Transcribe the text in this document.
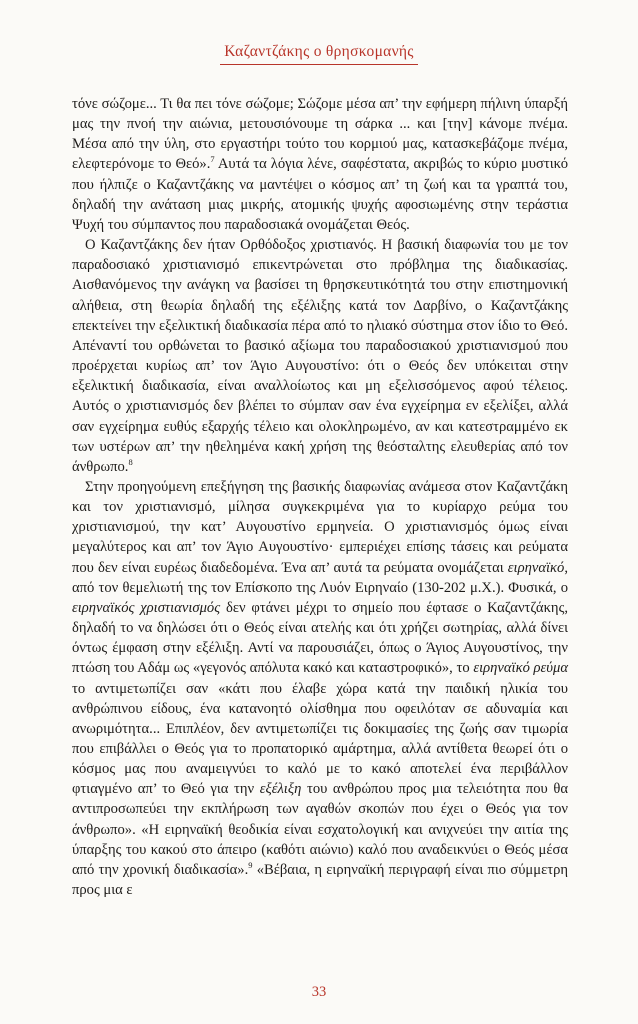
Καζαντζάκης ο θρησκομανής

τόνε σώζομε... Τι θα πει τόνε σώζομε; Σώζομε μέσα απ’ την εφήμερη πήλινη ύπαρξή μας την πνοή την αιώνια, μετουσιόνουμε τη σάρκα ... και [την] κάνομε πνέμα. Μέσα από την ύλη, στο εργαστήρι τούτο του κορμιού μας, κατασκεβάζομε πνέμα, ελεφτερόνομε το Θεό».$^7$ Αυτά τα λόγια λένε, σαφέστατα, ακριβώς το κύριο μυστικό που ήλπιζε ο Καζαντζάκης να μαντέψει ο κόσμος απ’ τη ζωή και τα γραπτά του, δηλαδή την ανάταση μιας μικρής, ατομικής ψυχής αφοσιωμένης στην τεράστια Ψυχή του σύμπαντος που παραδοσιακά ονομάζεται Θεός.

Ο Καζαντζάκης δεν ήταν Ορθόδοξος χριστιανός. Η βασική διαφωνία του με τον παραδοσιακό χριστιανισμό επικεντρώνεται στο πρόβλημα της διαδικασίας. Αισθανόμενος την ανάγκη να βασίσει τη θρησκευτικότητά του στην επιστημονική αλήθεια, στη θεωρία δηλαδή της εξέλιξης κατά τον Δαρβίνο, ο Καζαντζάκης επεκτείνει την εξελικτική διαδικασία πέρα από το ηλιακό σύστημα στον ίδιο το Θεό. Απέναντί του ορθώνεται το βασικό αξίωμα του παραδοσιακού χριστιανισμού που προέρχεται κυρίως απ’ τον Άγιο Αυγουστίνο: ότι ο Θεός δεν υπόκειται στην εξελικτική διαδικασία, είναι αναλλοίωτος και μη εξελισσόμενος αφού τέλειος. Αυτός ο χριστιανισμός δεν βλέπει το σύμπαν σαν ένα εγχείρημα εν εξελίξει, αλλά σαν εγχείρημα ευθύς εξαρχής τέλειο και ολοκληρωμένο, αν και κατεστραμμένο εκ των υστέρων απ’ την ηθελημένα κακή χρήση της θεόσταλτης ελευθερίας από τον άνθρωπο.$^8$

Στην προηγούμενη επεξήγηση της βασικής διαφωνίας ανάμεσα στον Καζαντζάκη και τον χριστιανισμό, μίλησα συγκεκριμένα για το κυρίαρχο ρεύμα του χριστιανισμού, την κατ’ Αυγουστίνο ερμηνεία. Ο χριστιανισμός όμως είναι μεγαλύτερος και απ’ τον Άγιο Αυγουστίνο· εμπεριέχει επίσης τάσεις και ρεύματα που δεν είναι ευρέως διαδεδομένα. Ένα απ’ αυτά τα ρεύματα ονομάζεται ειρηναϊκό, από τον θεμελιωτή της τον Επίσκοπο της Λυόν Ειρηναίο (130-202 μ.Χ.). Φυσικά, ο ειρηναϊκός χριστιανισμός δεν φτάνει μέχρι το σημείο που έφτασε ο Καζαντζάκης, δηλαδή το να δηλώσει ότι ο Θεός είναι ατελής και ότι χρήζει σωτηρίας, αλλά δίνει όντως έμφαση στην εξέλιξη. Αντί να παρουσιάζει, όπως ο Άγιος Αυγουστίνος, την πτώση του Αδάμ ως «γεγονός απόλυτα κακό και καταστροφικό», το ειρηναϊκό ρεύμα το αντιμετωπίζει σαν «κάτι που έλαβε χώρα κατά την παιδική ηλικία του ανθρώπινου είδους, ένα κατανοητό ολίσθημα που οφειλόταν σε αδυναμία και ανωριμότητα... Επιπλέον, δεν αντιμετωπίζει τις δοκιμασίες της ζωής σαν τιμωρία που επιβάλλει ο Θεός για το προπατορικό αμάρτημα, αλλά αντίθετα θεωρεί ότι ο κόσμος μας που αναμειγνύει το καλό με το κακό αποτελεί ένα περιβάλλον φτιαγμένο απ’ το Θεό για την εξέλιξη του ανθρώπου προς μια τελειότητα που θα αντιπροσωπεύει την εκπλήρωση των αγαθών σκοπών που έχει ο Θεός για τον άνθρωπο». «Η ειρηναϊκή θεοδικία είναι εσχατολογική και ανιχνεύει την αιτία της ύπαρξης του κακού στο άπειρο (καθότι αιώνιο) καλό που αναδεικνύει ο Θεός μέσα από την χρονική διαδικασία».$^9$ «Βέβαια, η ειρηναϊκή περιγραφή είναι πιο σύμμετρη προς μια ε

33
